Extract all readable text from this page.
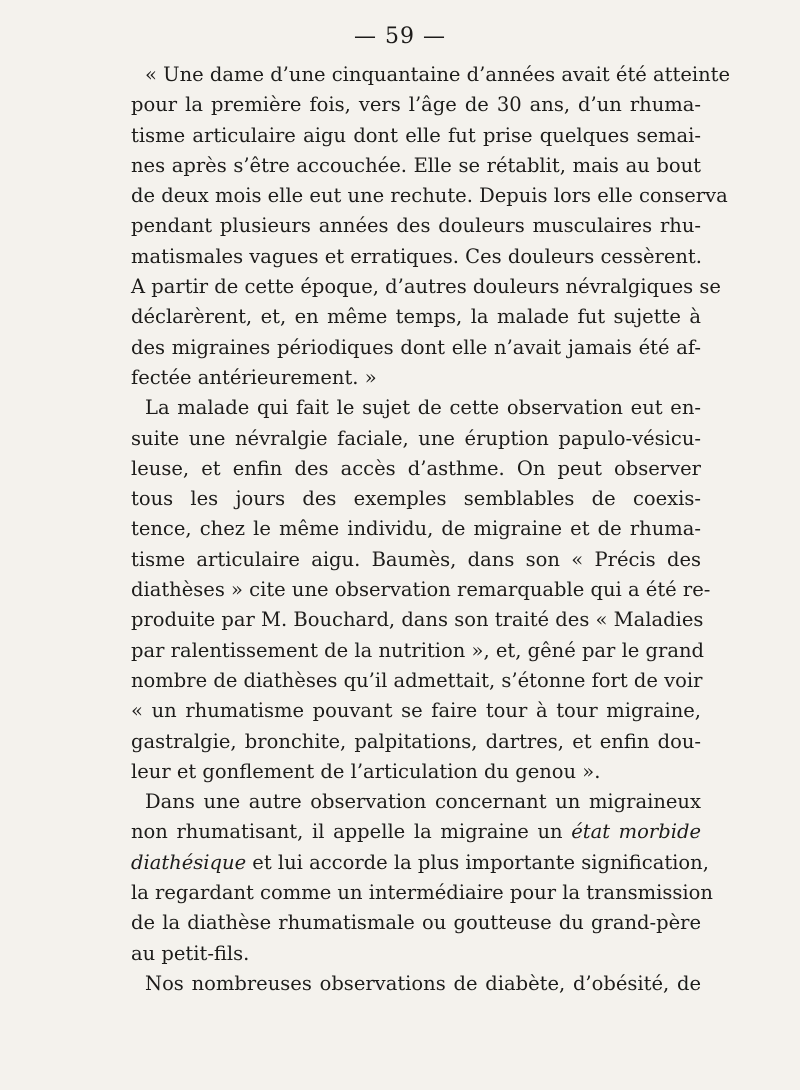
— 59 —
« Une dame d’une cinquantaine d’années avait été atteinte
pour la première fois, vers l’âge de 30 ans, d’un rhuma-
tisme articulaire aigu dont elle fut prise quelques semai-
nes après s’être accouchée. Elle se rétablit, mais au bout
de deux mois elle eut une rechute. Depuis lors elle conserva
pendant plusieurs années des douleurs musculaires rhu-
matismales vagues et erratiques. Ces douleurs cessèrent.
A partir de cette époque, d’autres douleurs névralgiques se
déclarèrent, et, en même temps, la malade fut sujette à
des migraines périodiques dont elle n’avait jamais été af-
fectée antérieurement. »
La malade qui fait le sujet de cette observation eut en-
suite une névralgie faciale, une éruption papulo-vésicu-
leuse, et enfin des accès d’asthme. On peut observer
tous les jours des exemples semblables de coexis-
tence, chez le même individu, de migraine et de rhuma-
tisme articulaire aigu. Baumès, dans son « Précis des
diathèses » cite une observation remarquable qui a été re-
produite par M. Bouchard, dans son traité des « Maladies
par ralentissement de la nutrition », et, gêné par le grand
nombre de diathèses qu’il admettait, s’étonne fort de voir
« un rhumatisme pouvant se faire tour à tour migraine,
gastralgie, bronchite, palpitations, dartres, et enfin dou-
leur et gonflement de l’articulation du genou ».
Dans une autre observation concernant un migraineux
non rhumatisant, il appelle la migraine un état morbide
diathésique et lui accorde la plus importante signification,
la regardant comme un intermédiaire pour la transmission
de la diathèse rhumatismale ou goutteuse du grand-père
au petit-fils.
Nos nombreuses observations de diabète, d’obésité, de
